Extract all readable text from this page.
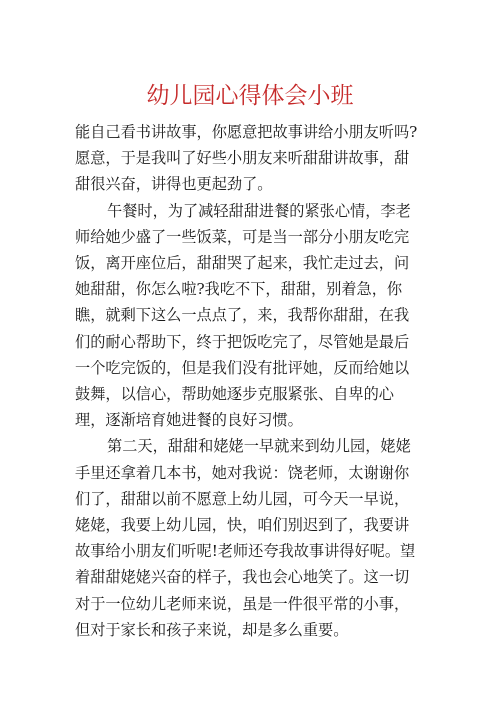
幼儿园心得体会小班
能自己看书讲故事，你愿意把故事讲给小朋友听吗?
愿意，于是我叫了好些小朋友来听甜甜讲故事，甜
甜很兴奋，讲得也更起劲了。
午餐时，为了减轻甜甜进餐的紧张心情，李老
师给她少盛了一些饭菜，可是当一部分小朋友吃完
饭，离开座位后，甜甜哭了起来，我忙走过去，问
她甜甜，你怎么啦?我吃不下，甜甜，别着急，你
瞧，就剩下这么一点点了，来，我帮你甜甜，在我
们的耐心帮助下，终于把饭吃完了，尽管她是最后
一个吃完饭的，但是我们没有批评她，反而给她以
鼓舞，以信心，帮助她逐步克服紧张、自卑的心
理，逐渐培育她进餐的良好习惯。
第二天，甜甜和姥姥一早就来到幼儿园，姥姥
手里还拿着几本书，她对我说：饶老师，太谢谢你
们了，甜甜以前不愿意上幼儿园，可今天一早说，
姥姥，我要上幼儿园，快，咱们别迟到了，我要讲
故事给小朋友们听呢!老师还夸我故事讲得好呢。望
着甜甜姥姥兴奋的样子，我也会心地笑了。这一切
对于一位幼儿老师来说，虽是一件很平常的小事，
但对于家长和孩子来说，却是多么重要。
